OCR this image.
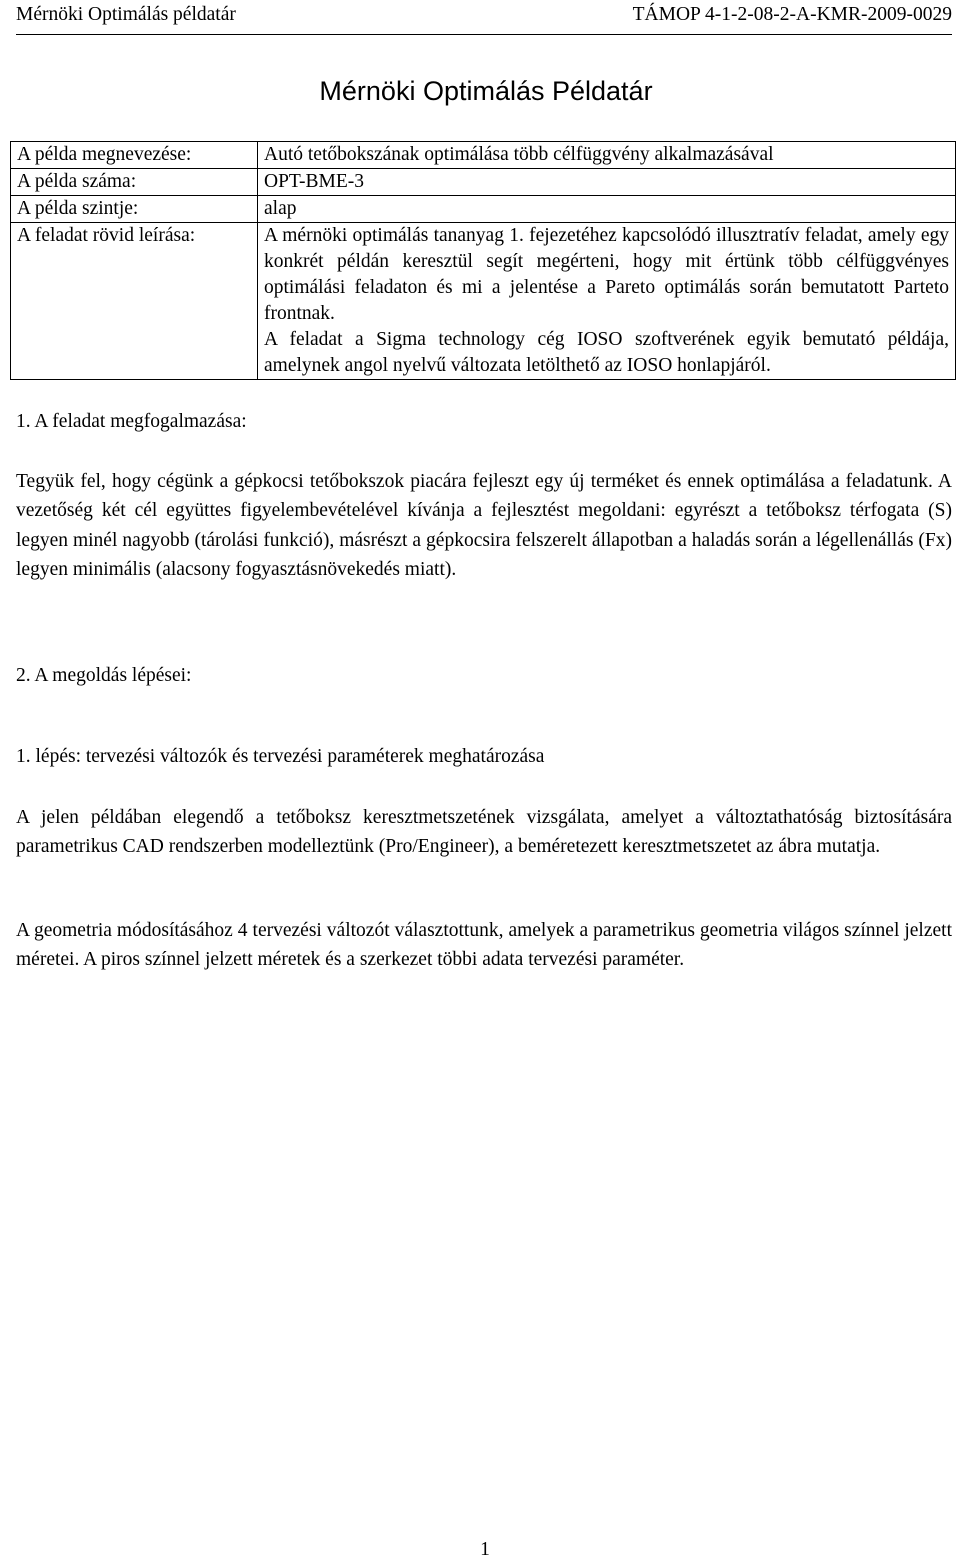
Mérnöki Optimálás példatár	TÁMOP 4-1-2-08-2-A-KMR-2009-0029
Mérnöki Optimálás Példatár
A példa megnevezése:	Autó tetőbokszának optimálása több célfüggvény alkalmazásával
A példa száma:	OPT-BME-3
A példa szintje:	alap
A feladat rövid leírása:	A mérnöki optimálás tananyag 1. fejezetéhez kapcsolódó illusztratív feladat, amely egy konkrét példán keresztül segít megérteni, hogy mit értünk több célfüggvényes optimálási feladaton és mi a jelentése a Pareto optimálás során bemutatott Parteto frontnak.

A feladat a Sigma technology cég IOSO szoftverének egyik bemutató példája, amelynek angol nyelvű változata letölthető az IOSO honlapjáról.

1. A feladat megfogalmazása:

Tegyük fel, hogy cégünk a gépkocsi tetőbokszok piacára fejleszt egy új terméket és ennek optimálása a feladatunk. A vezetőség két cél együttes figyelembevételével kívánja a fejlesztést megoldani: egyrészt a tetőboksz térfogata (S) legyen minél nagyobb (tárolási funkció), másrészt a gépkocsira felszerelt állapotban a haladás során a légellenállás (Fx) legyen minimális (alacsony fogyasztásnövekedés miatt).

2. A megoldás lépései:

1. lépés: tervezési változók és tervezési paraméterek meghatározása

A jelen példában elegendő a tetőboksz keresztmetszetének vizsgálata, amelyet a változtathatóság biztosítására parametrikus CAD rendszerben modelleztünk (Pro/Engineer), a beméretezett keresztmetszetet az ábra mutatja.

A geometria módosításához 4 tervezési változót választottunk, amelyek a parametrikus geometria világos színnel jelzett méretei. A piros színnel jelzett méretek és a szerkezet többi adata tervezési paraméter.

1
